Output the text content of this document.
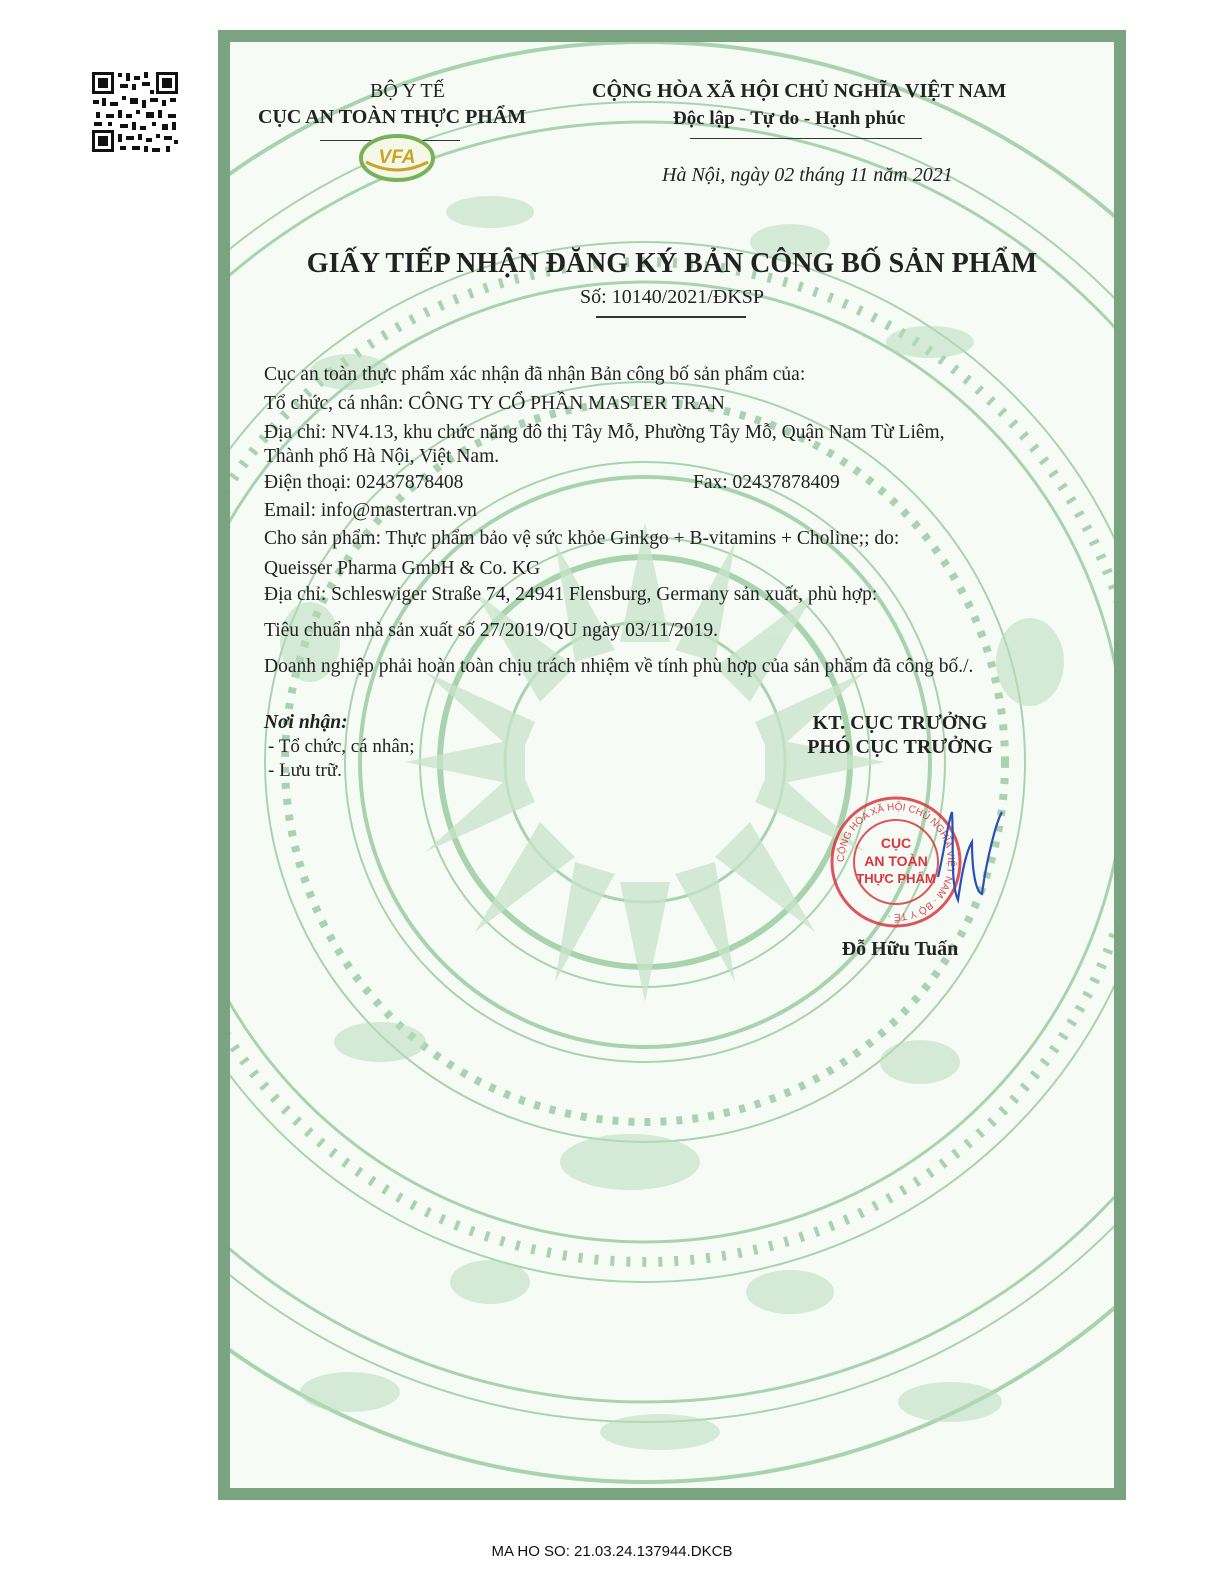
BỘ Y TẾ
CỤC AN TOÀN THỰC PHẨM
VFA
CỘNG HÒA XÃ HỘI CHỦ NGHĨA VIỆT NAM
Độc lập - Tự do - Hạnh phúc
Hà Nội, ngày 02 tháng 11 năm 2021
GIẤY TIẾP NHẬN ĐĂNG KÝ BẢN CÔNG BỐ SẢN PHẨM
Số: 10140/2021/ĐKSP
Cục an toàn thực phẩm xác nhận đã nhận Bản công bố sản phẩm của:
Tổ chức, cá nhân: CÔNG TY CỔ PHẦN MASTER TRAN
Địa chỉ: NV4.13, khu chức năng đô thị Tây Mỗ, Phường Tây Mỗ, Quận Nam Từ Liêm,
Thành phố Hà Nội, Việt Nam.
Điện thoại: 02437878408	Fax: 02437878409
Email: info@mastertran.vn
Cho sản phẩm: Thực phẩm bảo vệ sức khỏe Ginkgo + B-vitamins + Choline;; do:
Queisser Pharma GmbH & Co. KG
Địa chỉ: Schleswiger Straße 74, 24941 Flensburg, Germany sản xuất, phù hợp:
Tiêu chuẩn nhà sản xuất số 27/2019/QU ngày 03/11/2019.
Doanh nghiệp phải hoàn toàn chịu trách nhiệm về tính phù hợp của sản phẩm đã công bố./.
Nơi nhận:
- Tổ chức, cá nhân;
- Lưu trữ.
KT. CỤC TRƯỞNG
PHÓ CỤC TRƯỞNG
CỘNG HÒA XÃ HỘI CHỦ NGHĨA VIỆT NAM · BỘ Y TẾ ·
CỤC
AN TOÀN
THỰC PHẨM
Đỗ Hữu Tuấn
MA HO SO: 21.03.24.137944.DKCB
